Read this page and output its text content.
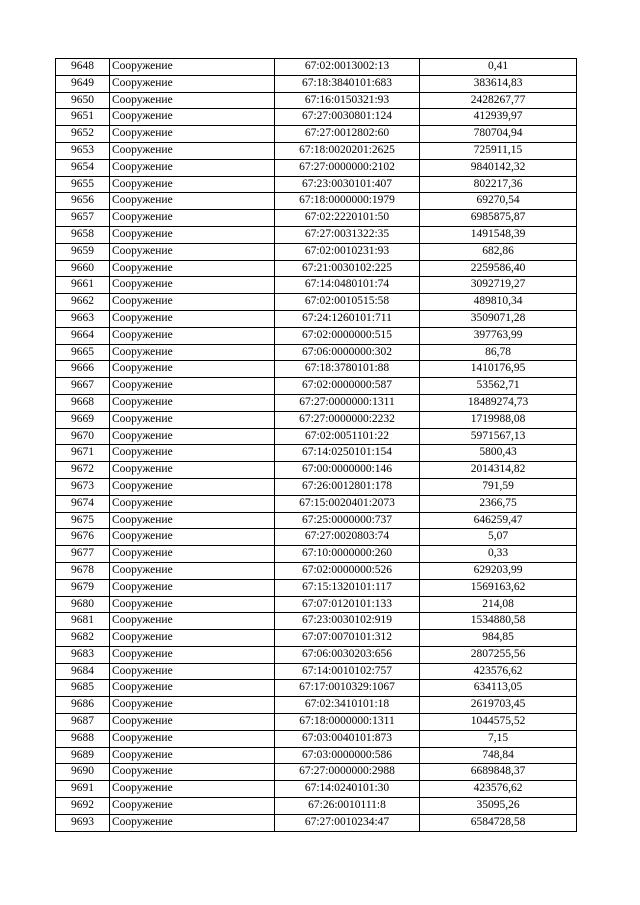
9648	Сооружение	67:02:0013002:13	0,41
9649	Сооружение	67:18:3840101:683	383614,83
9650	Сооружение	67:16:0150321:93	2428267,77
9651	Сооружение	67:27:0030801:124	412939,97
9652	Сооружение	67:27:0012802:60	780704,94
9653	Сооружение	67:18:0020201:2625	725911,15
9654	Сооружение	67:27:0000000:2102	9840142,32
9655	Сооружение	67:23:0030101:407	802217,36
9656	Сооружение	67:18:0000000:1979	69270,54
9657	Сооружение	67:02:2220101:50	6985875,87
9658	Сооружение	67:27:0031322:35	1491548,39
9659	Сооружение	67:02:0010231:93	682,86
9660	Сооружение	67:21:0030102:225	2259586,40
9661	Сооружение	67:14:0480101:74	3092719,27
9662	Сооружение	67:02:0010515:58	489810,34
9663	Сооружение	67:24:1260101:711	3509071,28
9664	Сооружение	67:02:0000000:515	397763,99
9665	Сооружение	67:06:0000000:302	86,78
9666	Сооружение	67:18:3780101:88	1410176,95
9667	Сооружение	67:02:0000000:587	53562,71
9668	Сооружение	67:27:0000000:1311	18489274,73
9669	Сооружение	67:27:0000000:2232	1719988,08
9670	Сооружение	67:02:0051101:22	5971567,13
9671	Сооружение	67:14:0250101:154	5800,43
9672	Сооружение	67:00:0000000:146	2014314,82
9673	Сооружение	67:26:0012801:178	791,59
9674	Сооружение	67:15:0020401:2073	2366,75
9675	Сооружение	67:25:0000000:737	646259,47
9676	Сооружение	67:27:0020803:74	5,07
9677	Сооружение	67:10:0000000:260	0,33
9678	Сооружение	67:02:0000000:526	629203,99
9679	Сооружение	67:15:1320101:117	1569163,62
9680	Сооружение	67:07:0120101:133	214,08
9681	Сооружение	67:23:0030102:919	1534880,58
9682	Сооружение	67:07:0070101:312	984,85
9683	Сооружение	67:06:0030203:656	2807255,56
9684	Сооружение	67:14:0010102:757	423576,62
9685	Сооружение	67:17:0010329:1067	634113,05
9686	Сооружение	67:02:3410101:18	2619703,45
9687	Сооружение	67:18:0000000:1311	1044575,52
9688	Сооружение	67:03:0040101:873	7,15
9689	Сооружение	67:03:0000000:586	748,84
9690	Сооружение	67:27:0000000:2988	6689848,37
9691	Сооружение	67:14:0240101:30	423576,62
9692	Сооружение	67:26:0010111:8	35095,26
9693	Сооружение	67:27:0010234:47	6584728,58
